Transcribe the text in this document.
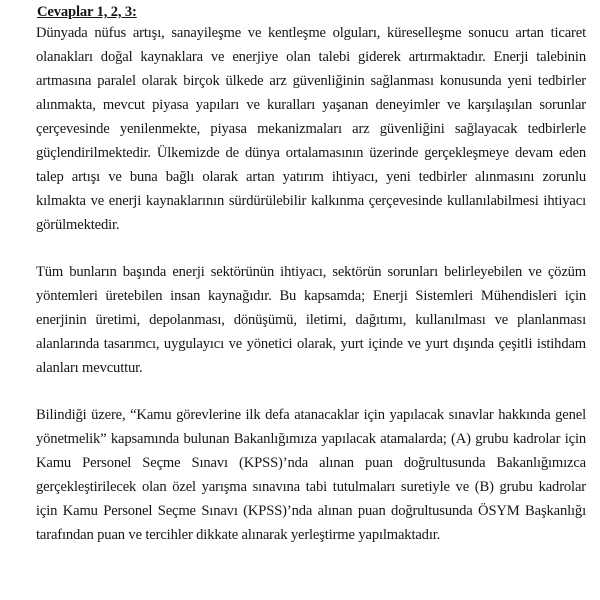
Cevaplar 1, 2, 3:

Dünyada nüfus artışı, sanayileşme ve kentleşme olguları, küreselleşme sonucu artan ticaret
olanakları doğal kaynaklara ve enerjiye olan talebi giderek artırmaktadır. Enerji talebinin
artmasına paralel olarak birçok ülkede arz güvenliğinin sağlanması konusunda yeni tedbirler
alınmakta, mevcut piyasa yapıları ve kuralları yaşanan deneyimler ve karşılaşılan sorunlar
çerçevesinde yenilenmekte, piyasa mekanizmaları arz güvenliğini sağlayacak tedbirlerle
güçlendirilmektedir. Ülkemizde de dünya ortalamasının üzerinde gerçekleşmeye devam eden
talep artışı ve buna bağlı olarak artan yatırım ihtiyacı, yeni tedbirler alınmasını zorunlu
kılmakta ve enerji kaynaklarının sürdürülebilir kalkınma çerçevesinde kullanılabilmesi ihtiyacı
görülmektedir.

Tüm bunların başında enerji sektörünün ihtiyacı, sektörün sorunları belirleyebilen ve çözüm
yöntemleri üretebilen insan kaynağıdır. Bu kapsamda; Enerji Sistemleri Mühendisleri için
enerjinin üretimi, depolanması, dönüşümü, iletimi, dağıtımı, kullanılması ve planlanması
alanlarında tasarımcı, uygulayıcı ve yönetici olarak, yurt içinde ve yurt dışında çeşitli istihdam
alanları mevcuttur.

Bilindiği üzere, “Kamu görevlerine ilk defa atanacaklar için yapılacak sınavlar hakkında genel
yönetmelik” kapsamında bulunan Bakanlığımıza yapılacak atamalarda; (A) grubu kadrolar için
Kamu Personel Seçme Sınavı (KPSS)’nda alınan puan doğrultusunda Bakanlığımızca
gerçekleştirilecek olan özel yarışma sınavına tabi tutulmaları suretiyle ve (B) grubu kadrolar
için Kamu Personel Seçme Sınavı (KPSS)’nda alınan puan doğrultusunda ÖSYM Başkanlığı
tarafından puan ve tercihler dikkate alınarak yerleştirme yapılmaktadır.
